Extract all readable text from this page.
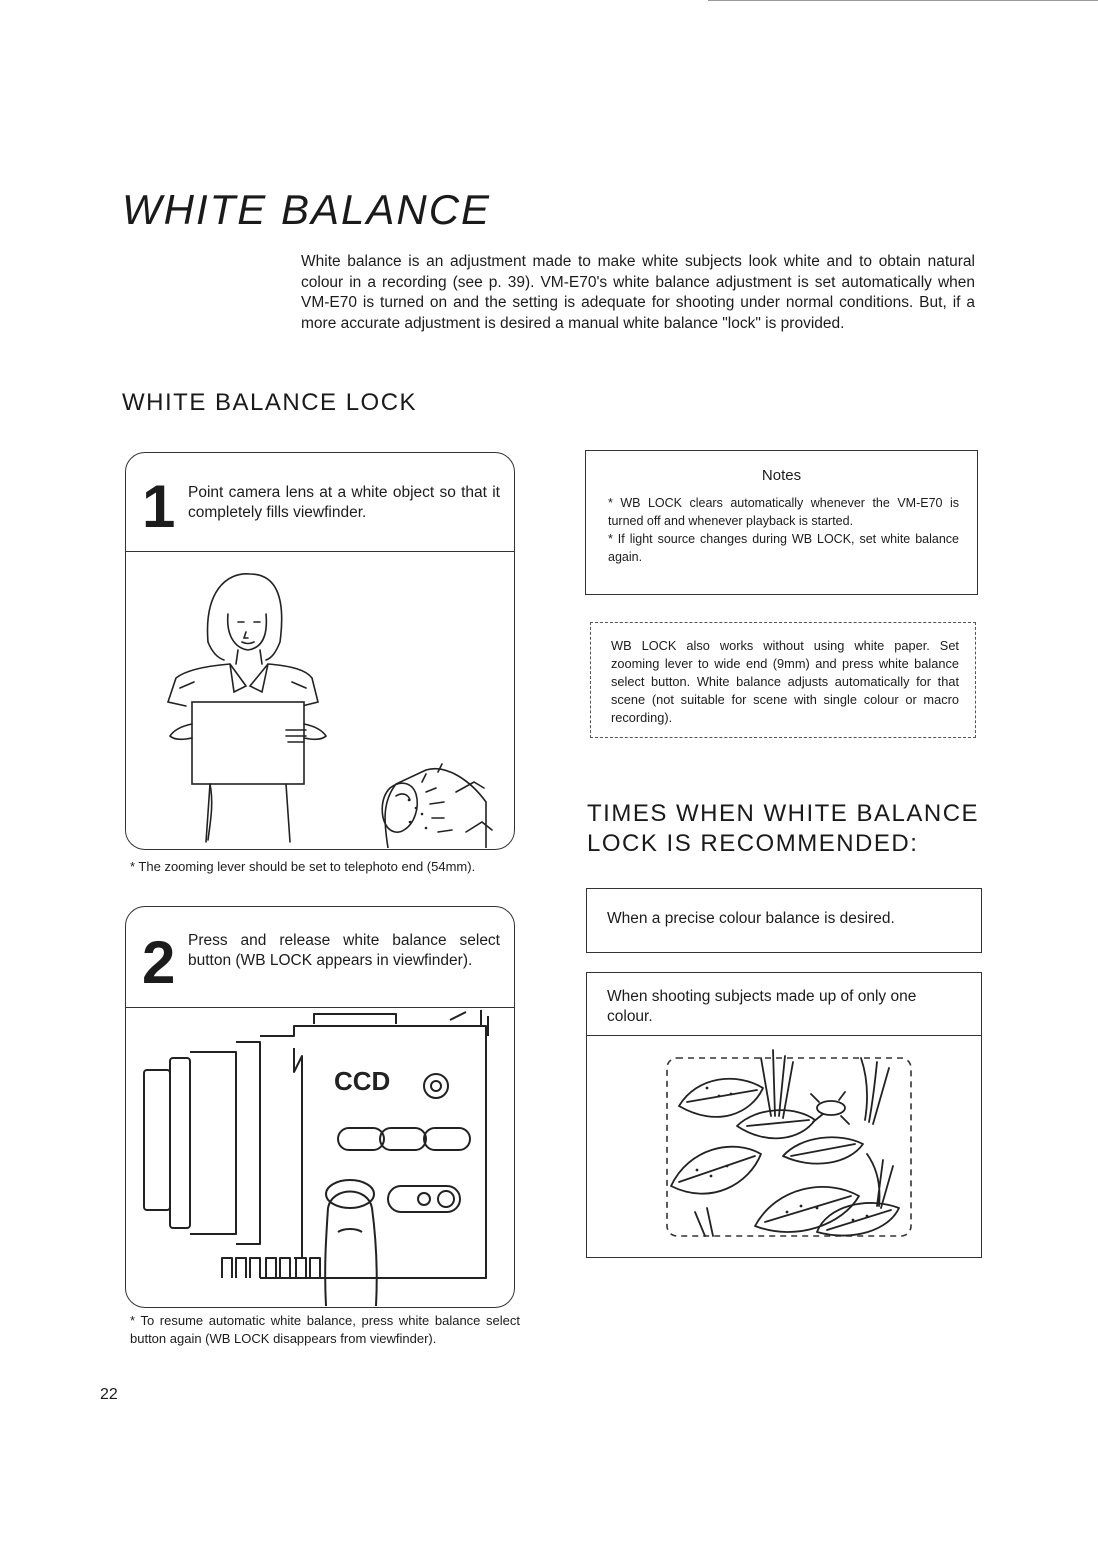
WHITE BALANCE

White balance is an adjustment made to make white subjects look white and to obtain natural colour in a recording (see p. 39). VM-E70's white balance adjustment is set automatically when VM-E70 is turned on and the setting is adequate for shooting under normal conditions. But, if a more accurate adjustment is desired a manual white balance "lock" is provided.

WHITE BALANCE LOCK
1 Point camera lens at a white object so that it completely fills viewfinder.

* The zooming lever should be set to telephoto end (54mm).

2 Press and release white balance select button (WB LOCK appears in viewfinder).
CCD

* To resume automatic white balance, press white balance select button again (WB LOCK disappears from viewfinder).

Notes
* WB LOCK clears automatically whenever the VM-E70 is turned off and whenever playback is started.
* If light source changes during WB LOCK, set white balance again.
WB LOCK also works without using white paper. Set zooming lever to wide end (9mm) and press white balance select button. White balance adjusts automatically for that scene (not suitable for scene with single colour or macro recording).
TIMES WHEN WHITE BALANCE LOCK IS RECOMMENDED:
When a precise colour balance is desired.
When shooting subjects made up of only one colour.
22
